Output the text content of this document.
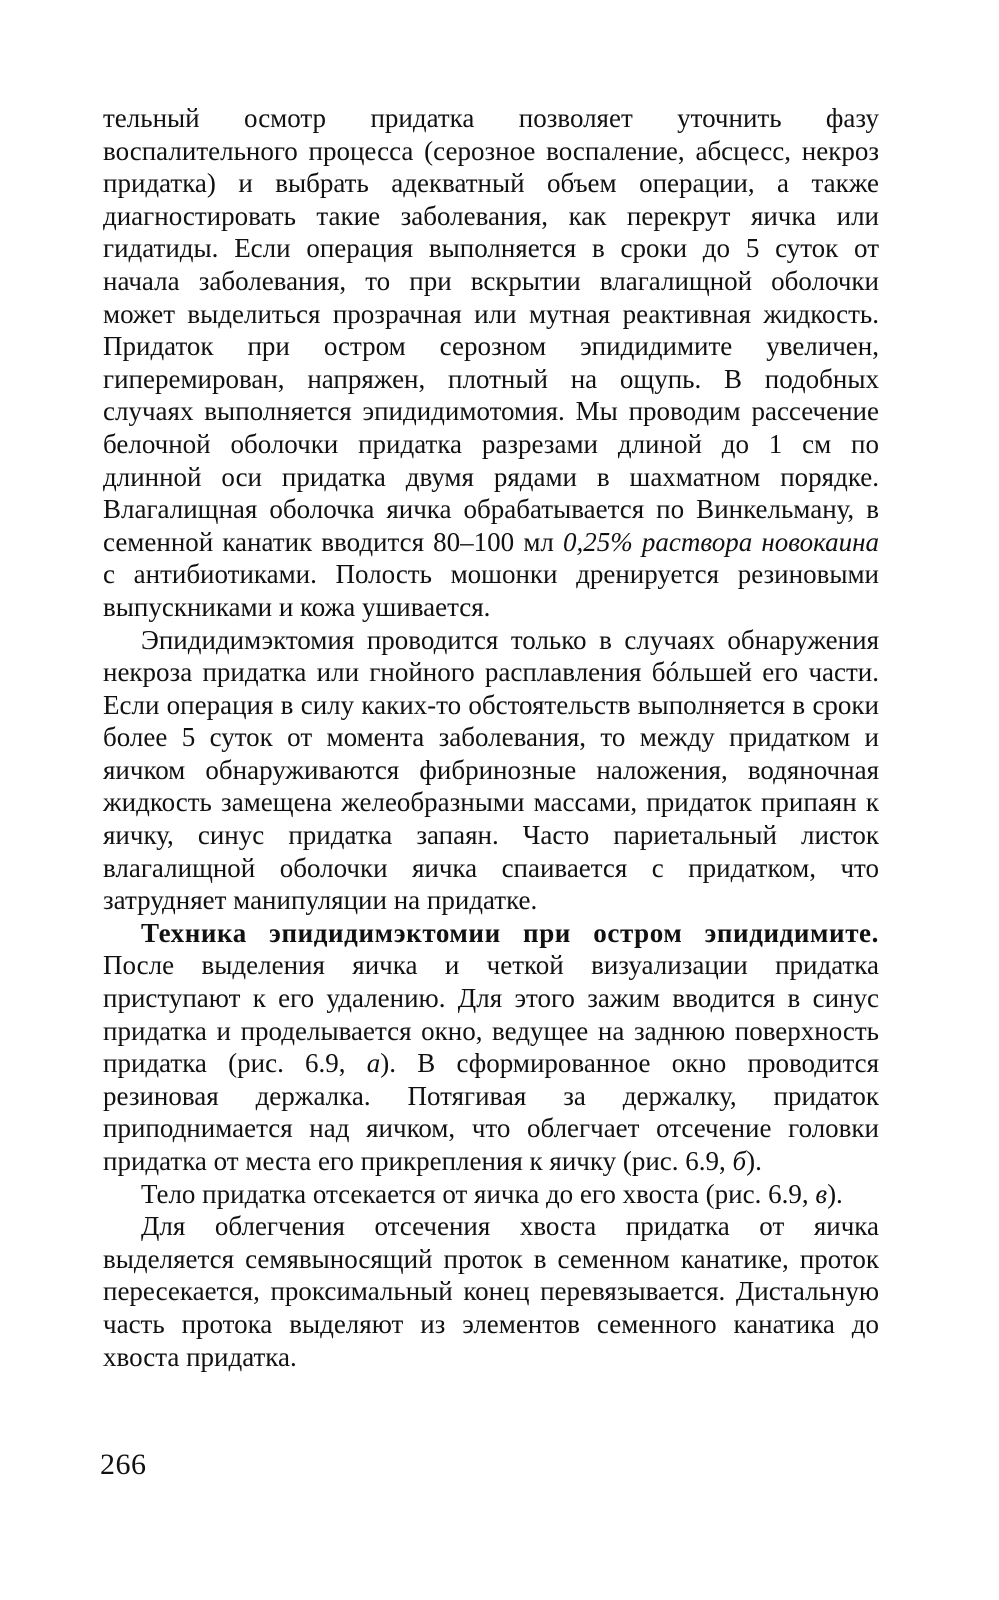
тельный осмотр придатка позволяет уточнить фазу воспалительного процесса (серозное воспаление, абсцесс, некроз придатка) и выбрать адекватный объем операции, а также диагностировать такие заболевания, как перекрут яичка или гидатиды. Если операция выполняется в сроки до 5 суток от начала заболевания, то при вскрытии влагалищной оболочки может выделиться прозрачная или мутная реактивная жидкость. Придаток при остром серозном эпидидимите увеличен, гиперемирован, напряжен, плотный на ощупь. В подобных случаях выполняется эпидидимотомия. Мы проводим рассечение белочной оболочки придатка разрезами длиной до 1 см по длинной оси придатка двумя рядами в шахматном порядке. Влагалищная оболочка яичка обрабатывается по Винкельману, в семенной канатик вводится 80–100 мл 0,25% раствора новокаина с антибиотиками. Полость мошонки дренируется резиновыми выпускниками и кожа ушивается.

Эпидидимэктомия проводится только в случаях обнаружения некроза придатка или гнойного расплавления бóльшей его части. Если операция в силу каких-то обстоятельств выполняется в сроки более 5 суток от момента заболевания, то между придатком и яичком обнаруживаются фибринозные наложения, водяночная жидкость замещена желеобразными массами, придаток припаян к яичку, синус придатка запаян. Часто париетальный листок влагалищной оболочки яичка спаивается с придатком, что затрудняет манипуляции на придатке.

Техника эпидидимэктомии при остром эпидидимите. После выделения яичка и четкой визуализации придатка приступают к его удалению. Для этого зажим вводится в синус придатка и проделывается окно, ведущее на заднюю поверхность придатка (рис. 6.9, а). В сформированное окно проводится резиновая держалка. Потягивая за держалку, придаток приподнимается над яичком, что облегчает отсечение головки придатка от места его прикрепления к яичку (рис. 6.9, б).

Тело придатка отсекается от яичка до его хвоста (рис. 6.9, в).

Для облегчения отсечения хвоста придатка от яичка выделяется семявыносящий проток в семенном канатике, проток пересекается, проксимальный конец перевязывается. Дистальную часть протока выделяют из элементов семенного канатика до хвоста придатка.

266
